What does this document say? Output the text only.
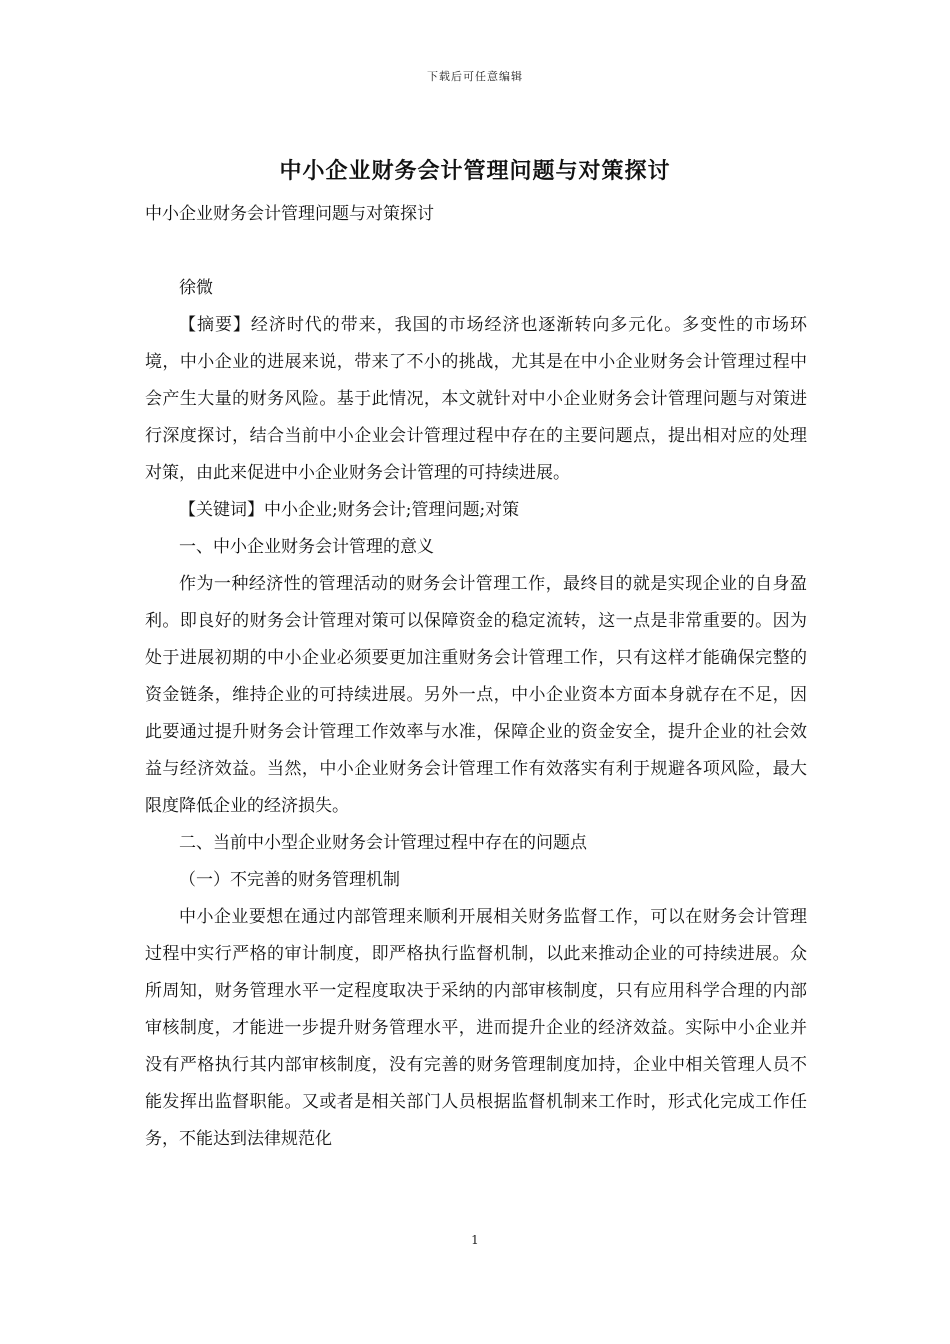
下载后可任意编辑
中小企业财务会计管理问题与对策探讨

中小企业财务会计管理问题与对策探讨

徐微

【摘要】经济时代的带来，我国的市场经济也逐渐转向多元化。多变性的市场环境，中小企业的进展来说，带来了不小的挑战，尤其是在中小企业财务会计管理过程中会产生大量的财务风险。基于此情况，本文就针对中小企业财务会计管理问题与对策进行深度探讨，结合当前中小企业会计管理过程中存在的主要问题点，提出相对应的处理对策，由此来促进中小企业财务会计管理的可持续进展。

【关键词】中小企业;财务会计;管理问题;对策

一、中小企业财务会计管理的意义

作为一种经济性的管理活动的财务会计管理工作，最终目的就是实现企业的自身盈利。即良好的财务会计管理对策可以保障资金的稳定流转，这一点是非常重要的。因为处于进展初期的中小企业必须要更加注重财务会计管理工作，只有这样才能确保完整的资金链条，维持企业的可持续进展。另外一点，中小企业资本方面本身就存在不足，因此要通过提升财务会计管理工作效率与水准，保障企业的资金安全，提升企业的社会效益与经济效益。当然，中小企业财务会计管理工作有效落实有利于规避各项风险，最大限度降低企业的经济损失。

二、当前中小型企业财务会计管理过程中存在的问题点

（一）不完善的财务管理机制

中小企业要想在通过内部管理来顺利开展相关财务监督工作，可以在财务会计管理过程中实行严格的审计制度，即严格执行监督机制，以此来推动企业的可持续进展。众所周知，财务管理水平一定程度取决于采纳的内部审核制度，只有应用科学合理的内部审核制度，才能进一步提升财务管理水平，进而提升企业的经济效益。实际中小企业并没有严格执行其内部审核制度，没有完善的财务管理制度加持，企业中相关管理人员不能发挥出监督职能。又或者是相关部门人员根据监督机制来工作时，形式化完成工作任务，不能达到法律规范化

1
